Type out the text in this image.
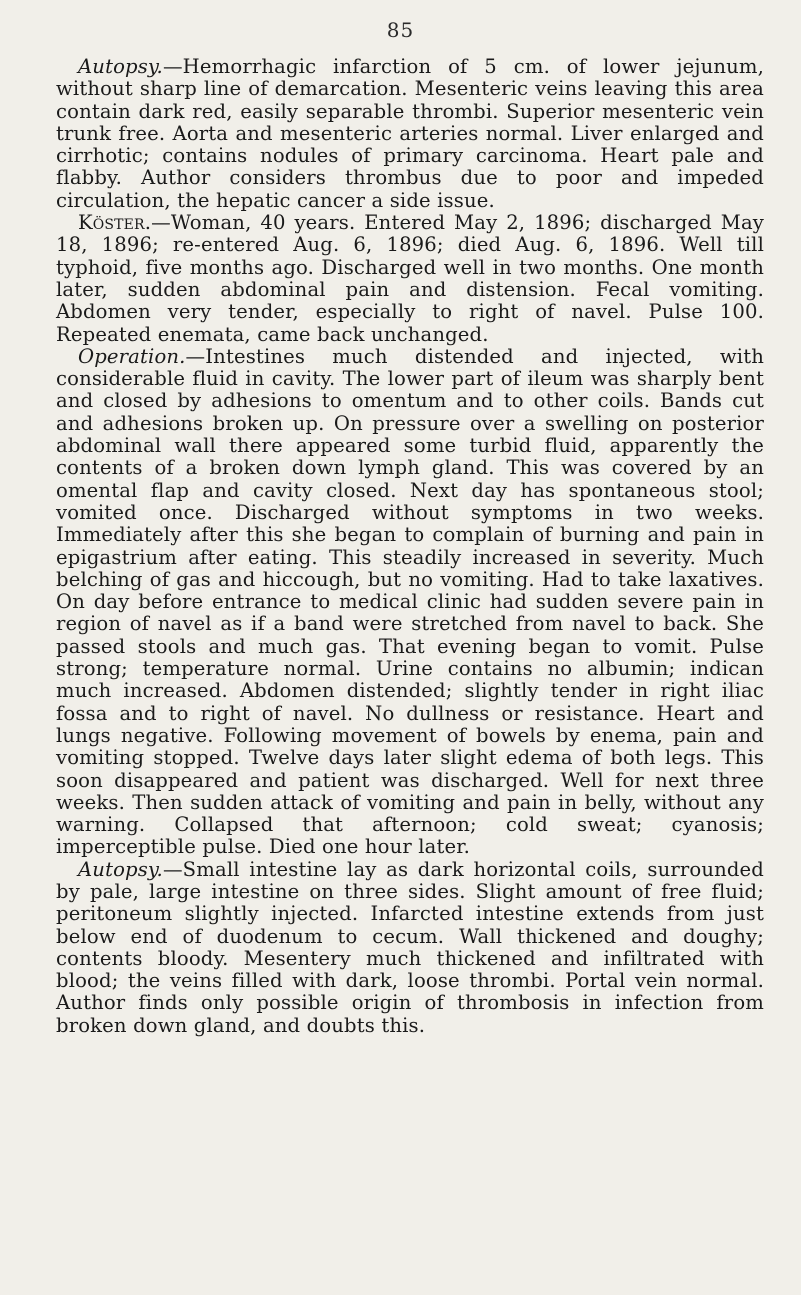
85

Autopsy.—Hemorrhagic infarction of 5 cm. of lower jejunum, without sharp line of demarcation. Mesenteric veins leaving this area contain dark red, easily separable thrombi. Superior mesenteric vein trunk free. Aorta and mesenteric arteries normal. Liver enlarged and cirrhotic; contains nodules of primary carcinoma. Heart pale and flabby. Author considers thrombus due to poor and impeded circulation, the hepatic cancer a side issue.

Köster.—Woman, 40 years. Entered May 2, 1896; discharged May 18, 1896; re-entered Aug. 6, 1896; died Aug. 6, 1896. Well till typhoid, five months ago. Discharged well in two months. One month later, sudden abdominal pain and distension. Fecal vomiting. Abdomen very tender, especially to right of navel. Pulse 100. Repeated enemata, came back unchanged.

Operation.—Intestines much distended and injected, with considerable fluid in cavity. The lower part of ileum was sharply bent and closed by adhesions to omentum and to other coils. Bands cut and adhesions broken up. On pressure over a swelling on posterior abdominal wall there appeared some turbid fluid, apparently the contents of a broken down lymph gland. This was covered by an omental flap and cavity closed. Next day has spontaneous stool; vomited once. Discharged without symptoms in two weeks. Immediately after this she began to complain of burning and pain in epigastrium after eating. This steadily increased in severity. Much belching of gas and hiccough, but no vomiting. Had to take laxatives. On day before entrance to medical clinic had sudden severe pain in region of navel as if a band were stretched from navel to back. She passed stools and much gas. That evening began to vomit. Pulse strong; temperature normal. Urine contains no albumin; indican much increased. Abdomen distended; slightly tender in right iliac fossa and to right of navel. No dullness or resistance. Heart and lungs negative. Following movement of bowels by enema, pain and vomiting stopped. Twelve days later slight edema of both legs. This soon disappeared and patient was discharged. Well for next three weeks. Then sudden attack of vomiting and pain in belly, without any warning. Collapsed that afternoon; cold sweat; cyanosis; imperceptible pulse. Died one hour later.

Autopsy.—Small intestine lay as dark horizontal coils, surrounded by pale, large intestine on three sides. Slight amount of free fluid; peritoneum slightly injected. Infarcted intestine extends from just below end of duodenum to cecum. Wall thickened and doughy; contents bloody. Mesentery much thickened and infiltrated with blood; the veins filled with dark, loose thrombi. Portal vein normal. Author finds only possible origin of thrombosis in infection from broken down gland, and doubts this.
